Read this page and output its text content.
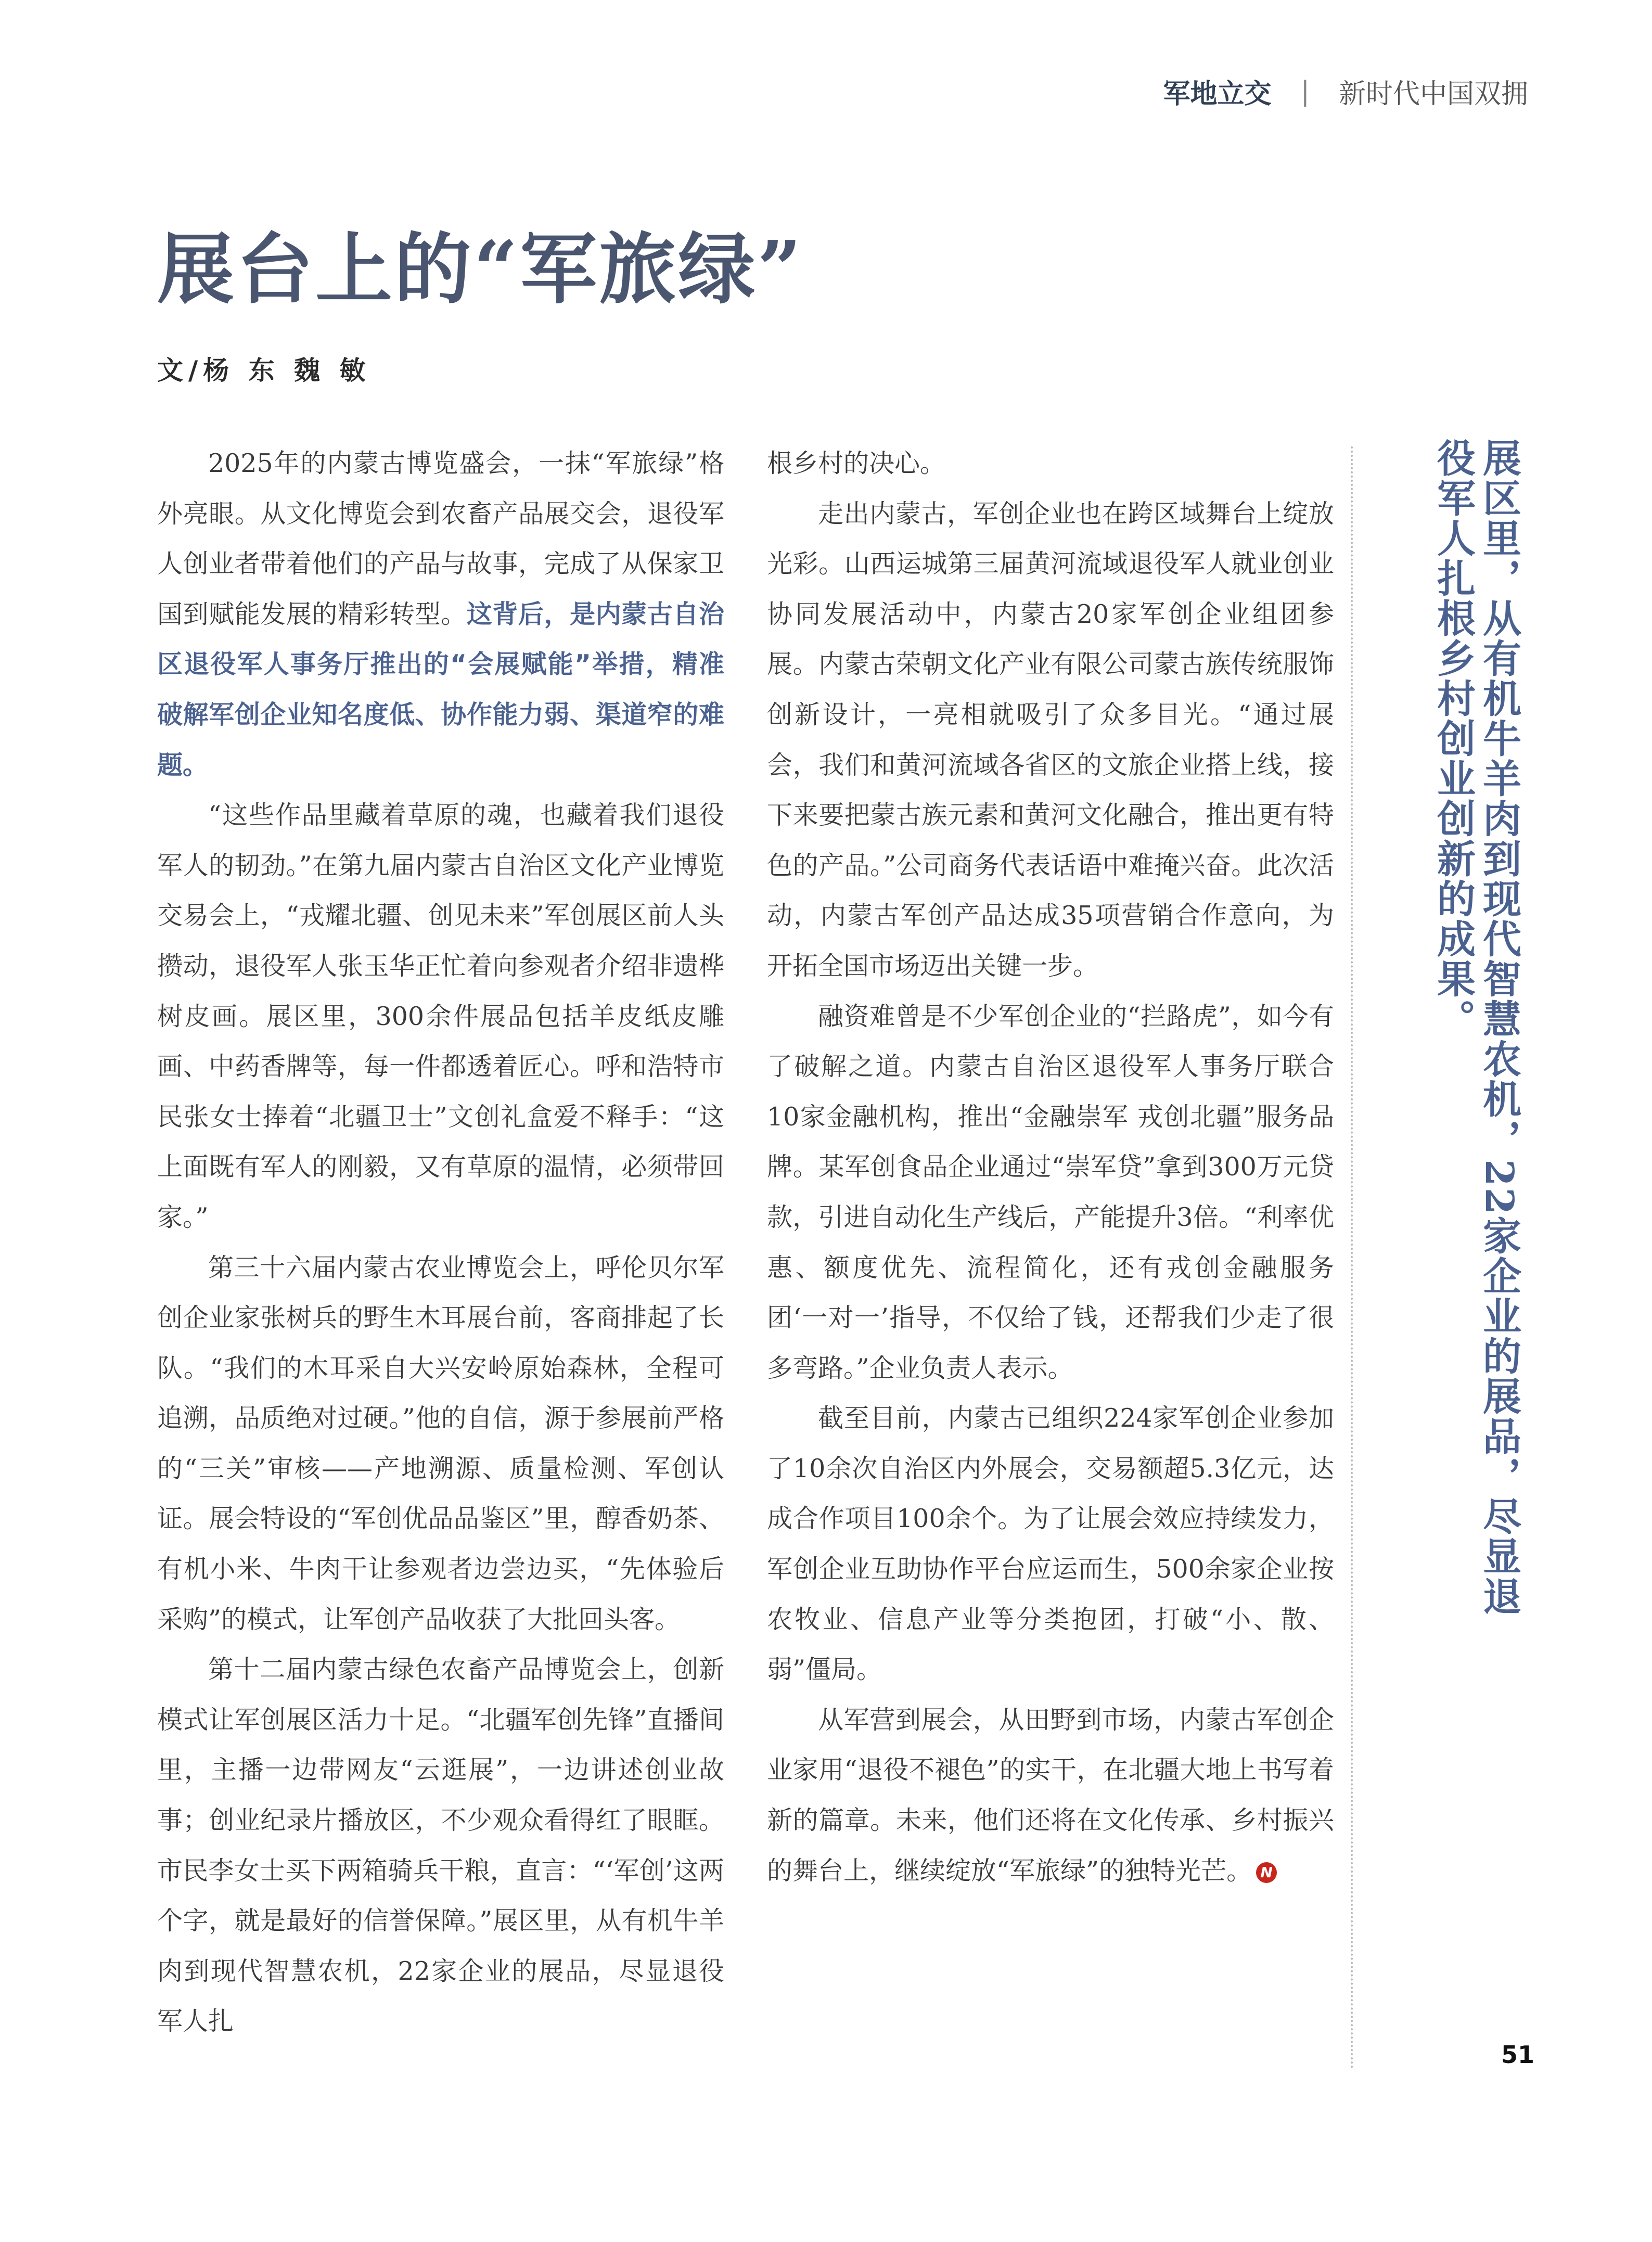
军地立交 | 新时代中国双拥
展台上的“军旅绿”
文/杨 东 魏 敏

2025年的内蒙古博览盛会，一抹“军旅绿”格外亮眼。从文化博览会到农畜产品展交会，退役军人创业者带着他们的产品与故事，完成了从保家卫国到赋能发展的精彩转型。这背后，是内蒙古自治区退役军人事务厅推出的“会展赋能”举措，精准破解军创企业知名度低、协作能力弱、渠道窄的难题。

“这些作品里藏着草原的魂，也藏着我们退役军人的韧劲。”在第九届内蒙古自治区文化产业博览交易会上，“戎耀北疆、创见未来”军创展区前人头攒动，退役军人张玉华正忙着向参观者介绍非遗桦树皮画。展区里，300余件展品包括羊皮纸皮雕画、中药香牌等，每一件都透着匠心。呼和浩特市民张女士捧着“北疆卫士”文创礼盒爱不释手：“这上面既有军人的刚毅，又有草原的温情，必须带回家。”

第三十六届内蒙古农业博览会上，呼伦贝尔军创企业家张树兵的野生木耳展台前，客商排起了长队。“我们的木耳采自大兴安岭原始森林，全程可追溯，品质绝对过硬。”他的自信，源于参展前严格的“三关”审核——产地溯源、质量检测、军创认证。展会特设的“军创优品品鉴区”里，醇香奶茶、有机小米、牛肉干让参观者边尝边买，“先体验后采购”的模式，让军创产品收获了大批回头客。

第十二届内蒙古绿色农畜产品博览会上，创新模式让军创展区活力十足。“北疆军创先锋”直播间里，主播一边带网友“云逛展”，一边讲述创业故事；创业纪录片播放区，不少观众看得红了眼眶。市民李女士买下两箱骑兵干粮，直言：“‘军创’这两个字，就是最好的信誉保障。”展区里，从有机牛羊肉到现代智慧农机，22家企业的展品，尽显退役军人扎

根乡村的决心。

走出内蒙古，军创企业也在跨区域舞台上绽放光彩。山西运城第三届黄河流域退役军人就业创业协同发展活动中，内蒙古20家军创企业组团参展。内蒙古荣朝文化产业有限公司蒙古族传统服饰创新设计，一亮相就吸引了众多目光。“通过展会，我们和黄河流域各省区的文旅企业搭上线，接下来要把蒙古族元素和黄河文化融合，推出更有特色的产品。”公司商务代表话语中难掩兴奋。此次活动，内蒙古军创产品达成35项营销合作意向，为开拓全国市场迈出关键一步。

融资难曾是不少军创企业的“拦路虎”，如今有了破解之道。内蒙古自治区退役军人事务厅联合10家金融机构，推出“金融崇军 戎创北疆”服务品牌。某军创食品企业通过“崇军贷”拿到300万元贷款，引进自动化生产线后，产能提升3倍。“利率优惠、额度优先、流程简化，还有戎创金融服务团‘一对一’指导，不仅给了钱，还帮我们少走了很多弯路。”企业负责人表示。

截至目前，内蒙古已组织224家军创企业参加了10余次自治区内外展会，交易额超5.3亿元，达成合作项目100余个。为了让展会效应持续发力，军创企业互助协作平台应运而生，500余家企业按农牧业、信息产业等分类抱团，打破“小、散、弱”僵局。

从军营到展会，从田野到市场，内蒙古军创企业家用“退役不褪色”的实干，在北疆大地上书写着新的篇章。未来，他们还将在文化传承、乡村振兴的舞台上，继续绽放“军旅绿”的独特光芒。 N

展区里，从有机牛羊肉到现代智慧农机，22家企业的展品，尽显退役军人扎根乡村创业创新的成果。
51
